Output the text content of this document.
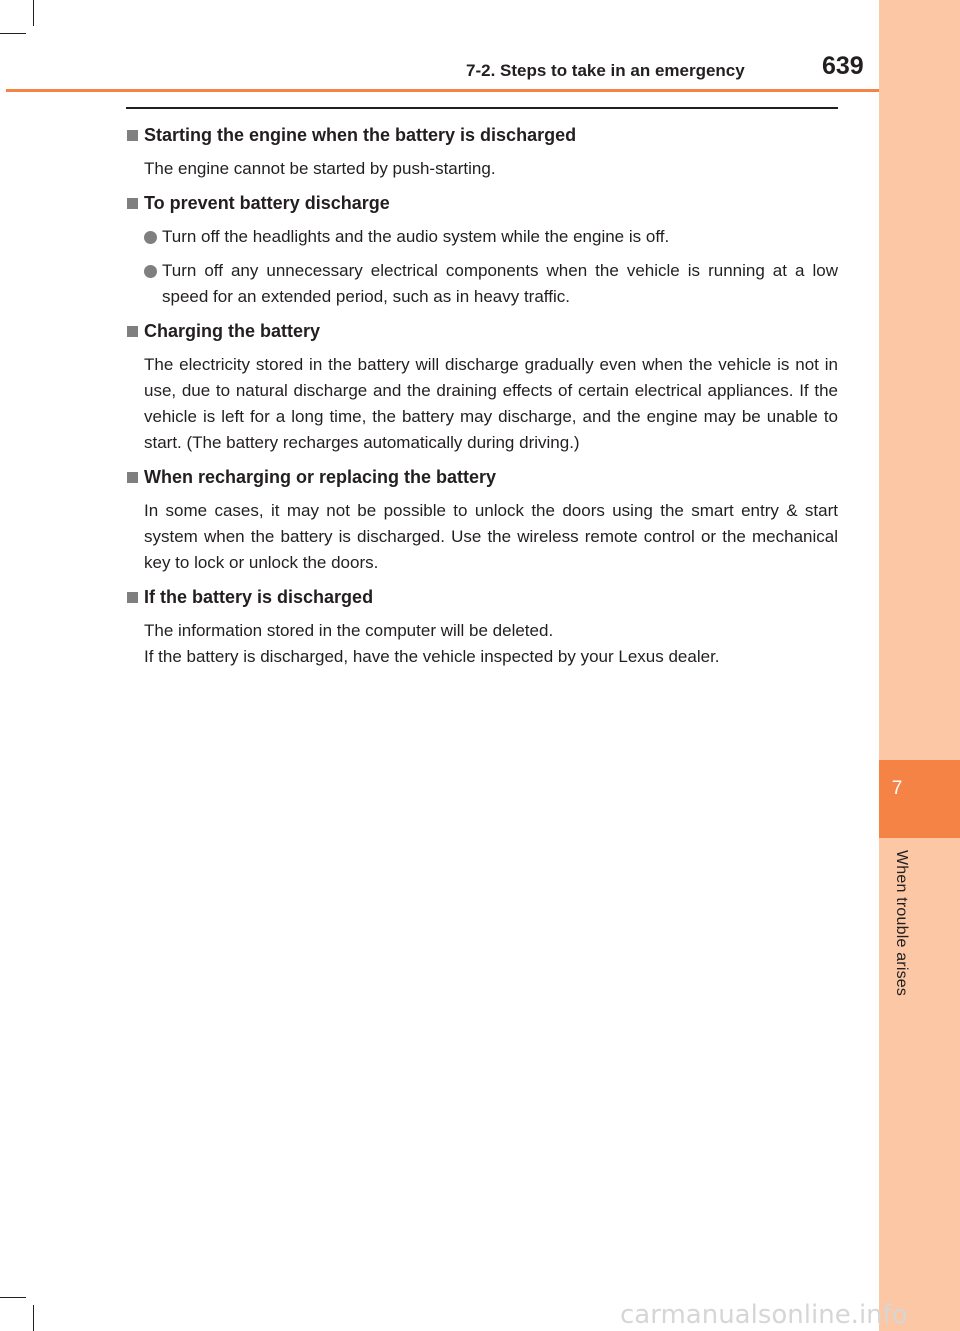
7
When trouble arises
7-2. Steps to take in an emergency	639
Starting the engine when the battery is discharged
The engine cannot be started by push-starting.
To prevent battery discharge
Turn off the headlights and the audio system while the engine is off.
Turn off any unnecessary electrical components when the vehicle is running at a low speed for an extended period, such as in heavy traffic.
Charging the battery
The electricity stored in the battery will discharge gradually even when the vehicle is not in use, due to natural discharge and the draining effects of certain electrical appliances. If the vehicle is left for a long time, the battery may discharge, and the engine may be unable to start. (The battery recharges automatically during driving.)
When recharging or replacing the battery
In some cases, it may not be possible to unlock the doors using the smart entry & start system when the battery is discharged. Use the wireless remote control or the mechanical key to lock or unlock the doors.
If the battery is discharged
The information stored in the computer will be deleted.
If the battery is discharged, have the vehicle inspected by your Lexus dealer.
carmanualsonline.info
